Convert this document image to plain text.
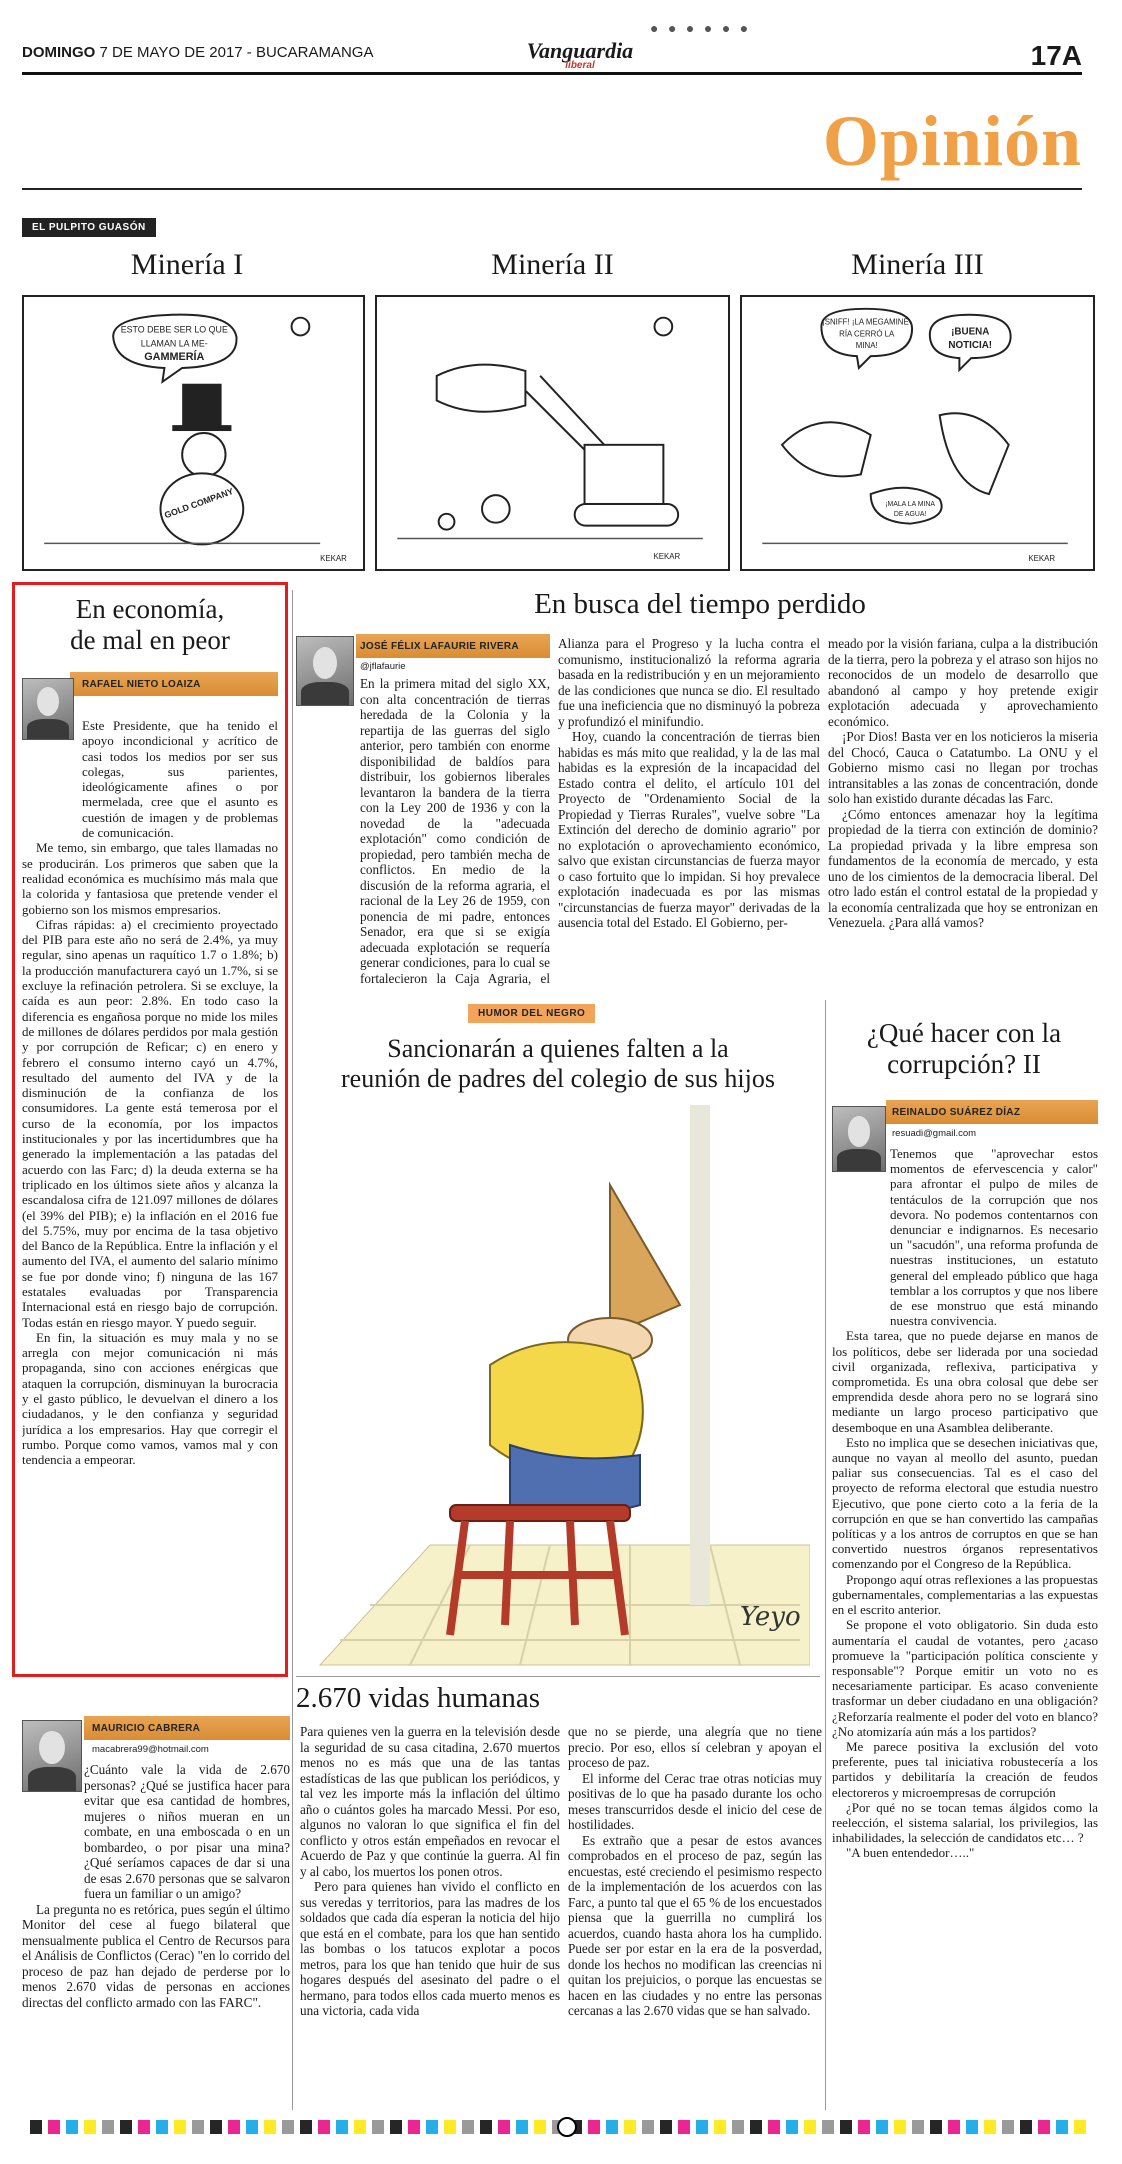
● ● ● ● ● ●
DOMINGO 7 DE MAYO DE 2017 - BUCARAMANGA	Vanguardia
liberal	17A
Opinión
EL PULPITO GUASÓN
Minería I	Minería II	Minería III
ESTO DEBE SER LO QUE
LLAMAN LA ME-
GAMMERÍA
GOLD COMPANY
KEKAR	KEKAR
¡SNIFF! ¡LA MEGAMINE-
RÍA CERRÓ LA
MINA!
¡BUENA
NOTICIA!
¡MALA LA MINA
DE AGUA!
KEKAR
En economía,
de mal en peor
RAFAEL NIETO LOAIZA

Este Presidente, que ha tenido el apoyo incondicional y acrítico de casi todos los medios por ser sus colegas, sus parientes, ideológicamente afines o por mermelada, cree que el asunto es cuestión de imagen y de problemas de comunicación.

Me temo, sin embargo, que tales llamadas no se producirán. Los primeros que saben que la realidad económica es muchísimo más mala que la colorida y fantasiosa que pretende vender el gobierno son los mismos empresarios.

Cifras rápidas: a) el crecimiento proyectado del PIB para este año no será de 2.4%, ya muy regular, sino apenas un raquítico 1.7 o 1.8%; b) la producción manufacturera cayó un 1.7%, si se excluye la refinación petrolera. Si se excluye, la caída es aun peor: 2.8%. En todo caso la diferencia es engañosa porque no mide los miles de millones de dólares perdidos por mala gestión y por corrupción de Reficar; c) en enero y febrero el consumo interno cayó un 4.7%, resultado del aumento del IVA y de la disminución de la confianza de los consumidores. La gente está temerosa por el curso de la economía, por los impactos institucionales y por las incertidumbres que ha generado la implementación a las patadas del acuerdo con las Farc; d) la deuda externa se ha triplicado en los últimos siete años y alcanza la escandalosa cifra de 121.097 millones de dólares (el 39% del PIB); e) la inflación en el 2016 fue del 5.75%, muy por encima de la tasa objetivo del Banco de la República. Entre la inflación y el aumento del IVA, el aumento del salario mínimo se fue por donde vino; f) ninguna de las 167 estatales evaluadas por Transparencia Internacional está en riesgo bajo de corrupción. Todas están en riesgo mayor. Y puedo seguir.

En fin, la situación es muy mala y no se arregla con mejor comunicación ni más propaganda, sino con acciones enérgicas que ataquen la corrupción, disminuyan la burocracia y el gasto público, le devuelvan el dinero a los ciudadanos, y le den confianza y seguridad jurídica a los empresarios. Hay que corregir el rumbo. Porque como vamos, vamos mal y con tendencia a empeorar.

En busca del tiempo perdido
JOSÉ FÉLIX LAFAURIE RIVERA
@jflafaurie

En la primera mitad del siglo XX, con alta concentración de tierras heredada de la Colonia y la repartija de las guerras del siglo anterior, pero también con enorme disponibilidad de baldíos para distribuir, los gobiernos liberales levantaron la bandera de la tierra con la Ley 200 de 1936 y con la novedad de la "adecuada explotación" como condición de propiedad, pero también mecha de conflictos. En medio de la discusión de la reforma agraria, el racional de la Ley 26 de 1959, con ponencia de mi padre, entonces Senador, era que si se exigía adecuada explotación se requería generar condiciones, para lo cual se fortalecieron la Caja Agraria, el

Alianza para el Progreso y la lucha contra el comunismo, institucionalizó la reforma agraria basada en la redistribución y en un mejoramiento de las condiciones que nunca se dio. El resultado fue una ineficiencia que no disminuyó la pobreza y profundizó el minifundio.

Hoy, cuando la concentración de tierras bien habidas es más mito que realidad, y la de las mal habidas es la expresión de la incapacidad del Estado contra el delito, el artículo 101 del Proyecto de "Ordenamiento Social de la Propiedad y Tierras Rurales", vuelve sobre "La Extinción del derecho de dominio agrario" por no explotación o aprovechamiento económico, salvo que existan circunstancias de fuerza mayor o caso fortuito que lo impidan. Si hoy prevalece explotación inadecuada es por las mismas "circunstancias de fuerza mayor" derivadas de la ausencia total del Estado. El Gobierno, per-

meado por la visión fariana, culpa a la distribución de la tierra, pero la pobreza y el atraso son hijos no reconocidos de un modelo de desarrollo que abandonó al campo y hoy pretende exigir explotación adecuada y aprovechamiento económico.

¡Por Dios! Basta ver en los noticieros la miseria del Chocó, Cauca o Catatumbo. La ONU y el Gobierno mismo casi no llegan por trochas intransitables a las zonas de concentración, donde solo han existido durante décadas las Farc.

¿Cómo entonces amenazar hoy la legítima propiedad de la tierra con extinción de dominio? La propiedad privada y la libre empresa son fundamentos de la economía de mercado, y esta uno de los cimientos de la democracia liberal. Del otro lado están el control estatal de la propiedad y la economía centralizada que hoy se entronizan en Venezuela. ¿Para allá vamos?

HUMOR DEL NEGRO
Sancionarán a quienes falten a la
reunión de padres del colegio de sus hijos
Yeyo
¿Qué hacer con la
corrupción? II
REINALDO SUÁREZ DÍAZ
resuadi@gmail.com

Tenemos que "aprovechar estos momentos de efervescencia y calor" para afrontar el pulpo de miles de tentáculos de la corrupción que nos devora. No podemos contentarnos con denunciar e indignarnos. Es necesario un "sacudón", una reforma profunda de nuestras instituciones, un estatuto general del empleado público que haga temblar a los corruptos y que nos libere de ese monstruo que está minando nuestra convivencia.

Esta tarea, que no puede dejarse en manos de los políticos, debe ser liderada por una sociedad civil organizada, reflexiva, participativa y comprometida. Es una obra colosal que debe ser emprendida desde ahora pero no se logrará sino mediante un largo proceso participativo que desemboque en una Asamblea deliberante.

Esto no implica que se desechen iniciativas que, aunque no vayan al meollo del asunto, puedan paliar sus consecuencias. Tal es el caso del proyecto de reforma electoral que estudia nuestro Ejecutivo, que pone cierto coto a la feria de la corrupción en que se han convertido las campañas políticas y a los antros de corruptos en que se han convertido nuestros órganos representativos comenzando por el Congreso de la República.

Propongo aquí otras reflexiones a las propuestas gubernamentales, complementarias a las expuestas en el escrito anterior.

Se propone el voto obligatorio. Sin duda esto aumentaría el caudal de votantes, pero ¿acaso promueve la "participación política consciente y responsable"? Porque emitir un voto no es necesariamente participar. Es acaso conveniente trasformar un deber ciudadano en una obligación? ¿Reforzaría realmente el poder del voto en blanco? ¿No atomizaría aún más a los partidos?

Me parece positiva la exclusión del voto preferente, pues tal iniciativa robustecería a los partidos y debilitaría la creación de feudos electoreros y microempresas de corrupción

¿Por qué no se tocan temas álgidos como la reelección, el sistema salarial, los privilegios, las inhabilidades, la selección de candidatos etc… ?

"A buen entendedor….."

2.670 vidas humanas
MAURICIO CABRERA
macabrera99@hotmail.com

¿Cuánto vale la vida de 2.670 personas? ¿Qué se justifica hacer para evitar que esa cantidad de hombres, mujeres o niños mueran en un combate, en una emboscada o en un bombardeo, o por pisar una mina? ¿Qué seríamos capaces de dar si una de esas 2.670 personas que se salvaron fuera un familiar o un amigo?

La pregunta no es retórica, pues según el último Monitor del cese al fuego bilateral que mensualmente publica el Centro de Recursos para el Análisis de Conflictos (Cerac) "en lo corrido del proceso de paz han dejado de perderse por lo menos 2.670 vidas de personas en acciones directas del conflicto armado con las FARC".

Para quienes ven la guerra en la televisión desde la seguridad de su casa citadina, 2.670 muertos menos no es más que una de las tantas estadísticas de las que publican los periódicos, y tal vez les importe más la inflación del último año o cuántos goles ha marcado Messi. Por eso, algunos no valoran lo que significa el fin del conflicto y otros están empeñados en revocar el Acuerdo de Paz y que continúe la guerra. Al fin y al cabo, los muertos los ponen otros.

Pero para quienes han vivido el conflicto en sus veredas y territorios, para las madres de los soldados que cada día esperan la noticia del hijo que está en el combate, para los que han sentido las bombas o los tatucos explotar a pocos metros, para los que han tenido que huir de sus hogares después del asesinato del padre o el hermano, para todos ellos cada muerto menos es una victoria, cada vida

que no se pierde, una alegría que no tiene precio. Por eso, ellos sí celebran y apoyan el proceso de paz.

El informe del Cerac trae otras noticias muy positivas de lo que ha pasado durante los ocho meses transcurridos desde el inicio del cese de hostilidades.

Es extraño que a pesar de estos avances comprobados en el proceso de paz, según las encuestas, esté creciendo el pesimismo respecto de la implementación de los acuerdos con las Farc, a punto tal que el 65 % de los encuestados piensa que la guerrilla no cumplirá los acuerdos, cuando hasta ahora los ha cumplido. Puede ser por estar en la era de la posverdad, donde los hechos no modifican las creencias ni quitan los prejuicios, o porque las encuestas se hacen en las ciudades y no entre las personas cercanas a las 2.670 vidas que se han salvado.
